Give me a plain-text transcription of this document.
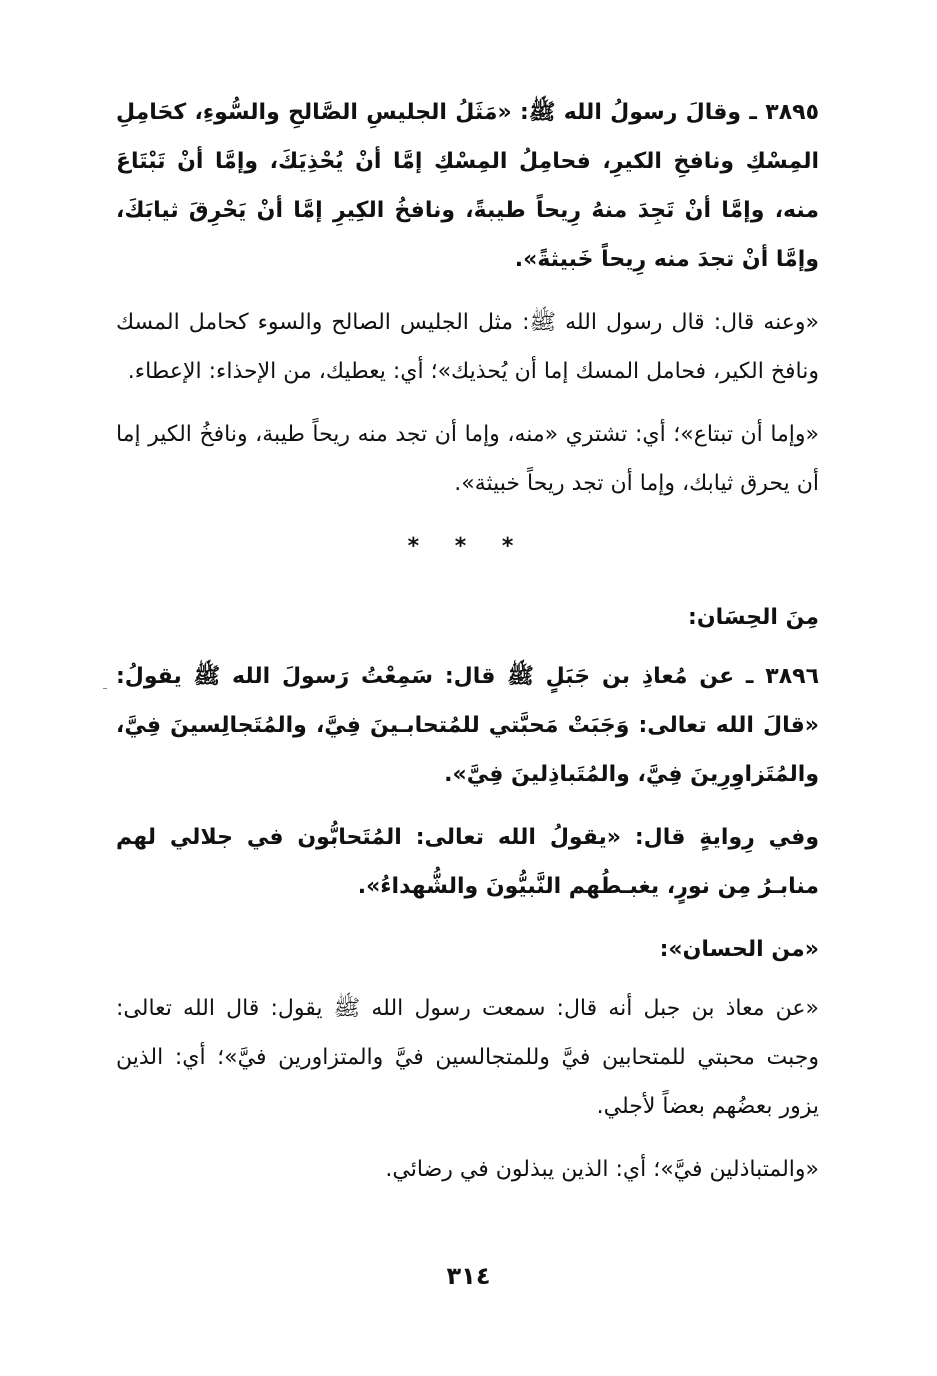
٣٨٩٥ ـ وقالَ رسولُ الله ﷺ: «مَثَلُ الجليسِ الصَّالحِ والسُّوءِ، كحَامِلِ المِسْكِ ونافخِ الكيرِ، فحامِلُ المِسْكِ إمَّا أنْ يُحْذِيَكَ، وإمَّا أنْ تَبْتَاعَ منه، وإمَّا أنْ تَجِدَ منهُ رِيحاً طيبةً، ونافخُ الكِيرِ إمَّا أنْ يَحْرِقَ ثيابَكَ، وإمَّا أنْ تجدَ منه رِيحاً خَبيثةً».

«وعنه قال: قال رسول الله ﷺ: مثل الجليس الصالح والسوء كحامل المسك ونافخ الكير، فحامل المسك إما أن يُحذيك»؛ أي: يعطيك، من الإحذاء: الإعطاء.

«وإما أن تبتاع»؛ أي: تشتري «منه، وإما أن تجد منه ريحاً طيبة، ونافخُ الكير إما أن يحرق ثيابك، وإما أن تجد ريحاً خبيثة».

* * *
مِنَ الحِسَان:

٣٨٩٦ ـ عن مُعاذِ بن جَبَلٍ ﷺ قال: سَمِعْتُ رَسولَ الله ﷺ يقولُ: «قالَ الله تعالى: وَجَبَتْ مَحبَّتي للمُتحابـينَ فِيَّ، والمُتَجالِسينَ فِيَّ، والمُتَزاوِرِينَ فِيَّ، والمُتَباذِلينَ فِيَّ».

وفي رِوايةٍ قال: «يقولُ الله تعالى: المُتَحابُّون في جلالي لهم منابـرُ مِن نورٍ، يغبـطُهم النَّبيُّونَ والشُّهداءُ».

«من الحسان»:

«عن معاذ بن جبل أنه قال: سمعت رسول الله ﷺ يقول: قال الله تعالى: وجبت محبتي للمتحابين فيَّ وللمتجالسين فيَّ والمتزاورين فيَّ»؛ أي: الذين يزور بعضُهم بعضاً لأجلي.

«والمتباذلين فيَّ»؛ أي: الذين يبذلون في رضائي.

٣١٤
